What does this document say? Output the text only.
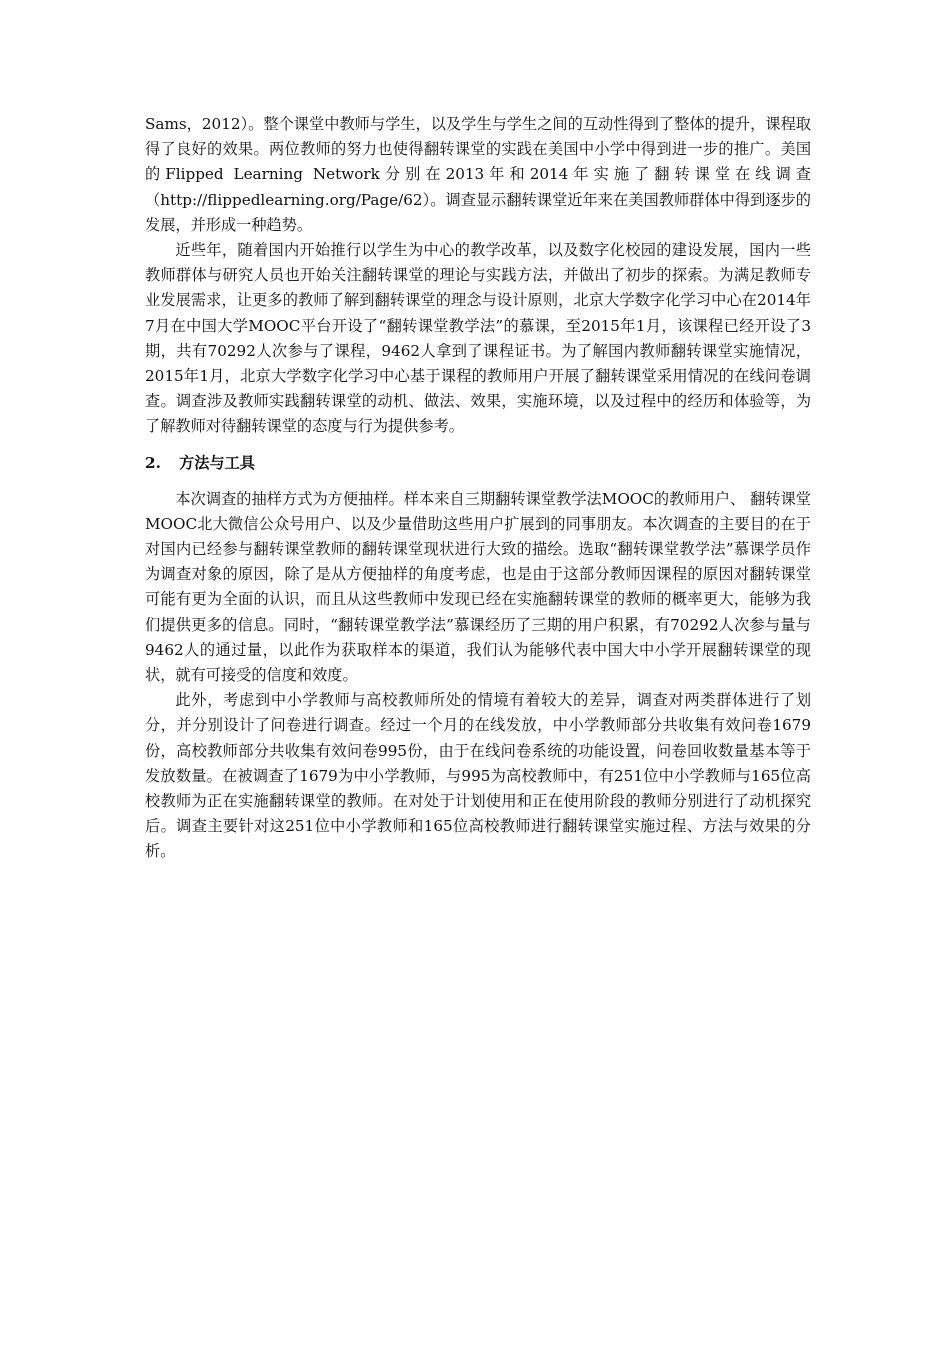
Sams，2012）。整个课堂中教师与学生，以及学生与学生之间的互动性得到了整体的提升，课程取得了良好的效果。两位教师的努力也使得翻转课堂的实践在美国中小学中得到进一步的推广。美国的Flipped Learning Network分别在2013年和2014年实施了翻转课堂在线调查（http://flippedlearning.org/Page/62）。调查显示翻转课堂近年来在美国教师群体中得到逐步的发展，并形成一种趋势。

近些年，随着国内开始推行以学生为中心的教学改革，以及数字化校园的建设发展，国内一些教师群体与研究人员也开始关注翻转课堂的理论与实践方法，并做出了初步的探索。为满足教师专业发展需求，让更多的教师了解到翻转课堂的理念与设计原则，北京大学数字化学习中心在2014年7月在中国大学MOOC平台开设了“翻转课堂教学法”的慕课，至2015年1月，该课程已经开设了3期，共有70292人次参与了课程，9462人拿到了课程证书。为了解国内教师翻转课堂实施情况，2015年1月，北京大学数字化学习中心基于课程的教师用户开展了翻转课堂采用情况的在线问卷调查。调查涉及教师实践翻转课堂的动机、做法、效果，实施环境，以及过程中的经历和体验等，为了解教师对待翻转课堂的态度与行为提供参考。

2. 方法与工具

本次调查的抽样方式为方便抽样。样本来自三期翻转课堂教学法MOOC的教师用户、 翻转课堂MOOC北大微信公众号用户、以及少量借助这些用户扩展到的同事朋友。本次调查的主要目的在于对国内已经参与翻转课堂教师的翻转课堂现状进行大致的描绘。选取“翻转课堂教学法”慕课学员作为调查对象的原因，除了是从方便抽样的角度考虑，也是由于这部分教师因课程的原因对翻转课堂可能有更为全面的认识，而且从这些教师中发现已经在实施翻转课堂的教师的概率更大，能够为我们提供更多的信息。同时，“翻转课堂教学法”慕课经历了三期的用户积累，有70292人次参与量与9462人的通过量，以此作为获取样本的渠道，我们认为能够代表中国大中小学开展翻转课堂的现状，就有可接受的信度和效度。

此外，考虑到中小学教师与高校教师所处的情境有着较大的差异，调查对两类群体进行了划分，并分别设计了问卷进行调查。经过一个月的在线发放，中小学教师部分共收集有效问卷1679份，高校教师部分共收集有效问卷995份，由于在线问卷系统的功能设置，问卷回收数量基本等于发放数量。在被调查了1679为中小学教师，与995为高校教师中，有251位中小学教师与165位高校教师为正在实施翻转课堂的教师。在对处于计划使用和正在使用阶段的教师分别进行了动机探究后。调查主要针对这251位中小学教师和165位高校教师进行翻转课堂实施过程、方法与效果的分析。
